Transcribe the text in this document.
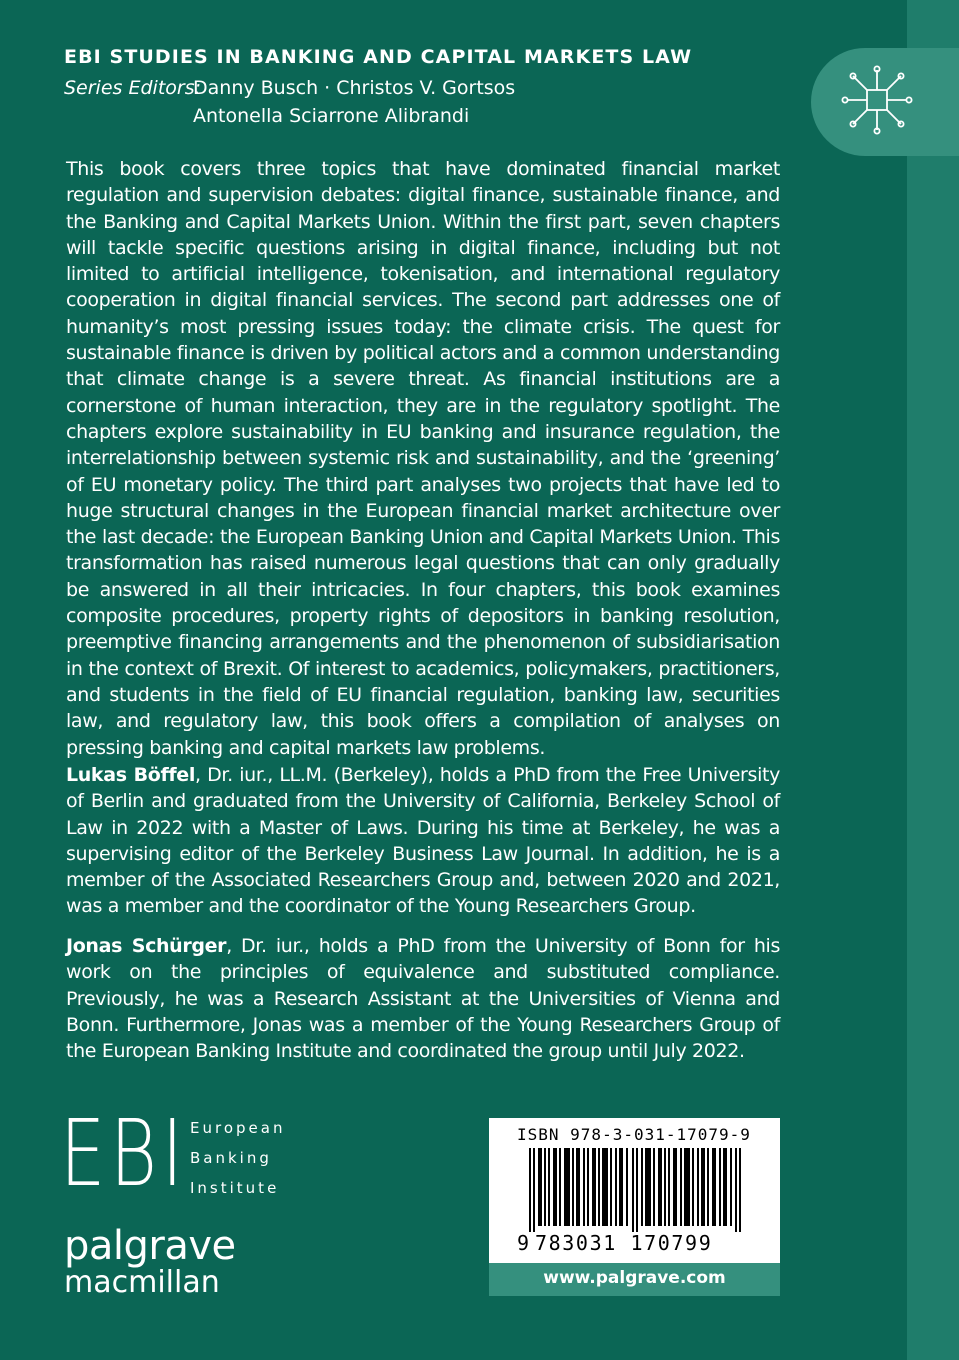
EBI STUDIES IN BANKING AND CAPITAL MARKETS LAW
Series Editors:
Danny Busch · Christos V. Gortsos
Antonella Sciarrone Alibrandi

This book covers three topics that have dominated financial market regulation and supervision debates: digital finance, sustainable finance, and the Banking and Capital Markets Union. Within the first part, seven chapters will tackle specific questions arising in digital finance, including but not limited to artificial intelligence, tokenisation, and international regulatory cooperation in digital financial services. The second part addresses one of humanity’s most pressing issues today: the climate crisis. The quest for sustainable finance is driven by political actors and a common understanding that climate change is a severe threat. As financial institutions are a cornerstone of human interaction, they are in the regulatory spotlight. The chapters explore sustainability in EU banking and insurance regulation, the interrelationship between systemic risk and sustainability, and the ‘greening’ of EU monetary policy. The third part analyses two projects that have led to huge structural changes in the European financial market architecture over the last decade: the European Banking Union and Capital Markets Union. This transformation has raised numerous legal questions that can only gradually be answered in all their intricacies. In four chapters, this book examines composite procedures, property rights of depositors in banking resolution, preemptive financing arrangements and the phenomenon of subsidiarisation in the context of Brexit. Of interest to academics, policymakers, practitioners, and students in the field of EU financial regulation, banking law, securities law, and regulatory law, this book offers a compilation of analyses on pressing banking and capital markets law problems.

Lukas Böffel, Dr. iur., LL.M. (Berkeley), holds a PhD from the Free University of Berlin and graduated from the University of California, Berkeley School of Law in 2022 with a Master of Laws. During his time at Berkeley, he was a supervising editor of the Berkeley Business Law Journal. In addition, he is a member of the Associated Researchers Group and, between 2020 and 2021, was a member and the coordinator of the Young Researchers Group.

Jonas Schürger, Dr. iur., holds a PhD from the University of Bonn for his work on the principles of equivalence and substituted compliance. Previously, he was a Research Assistant at the Universities of Vienna and Bonn. Furthermore, Jonas was a member of the Young Researchers Group of the European Banking Institute and coordinated the group until July 2022.

EBI European
Banking
Institute
palgrave
macmillan
ISBN 978-3-031-17079-9
9 783031 170799
www.palgrave.com
